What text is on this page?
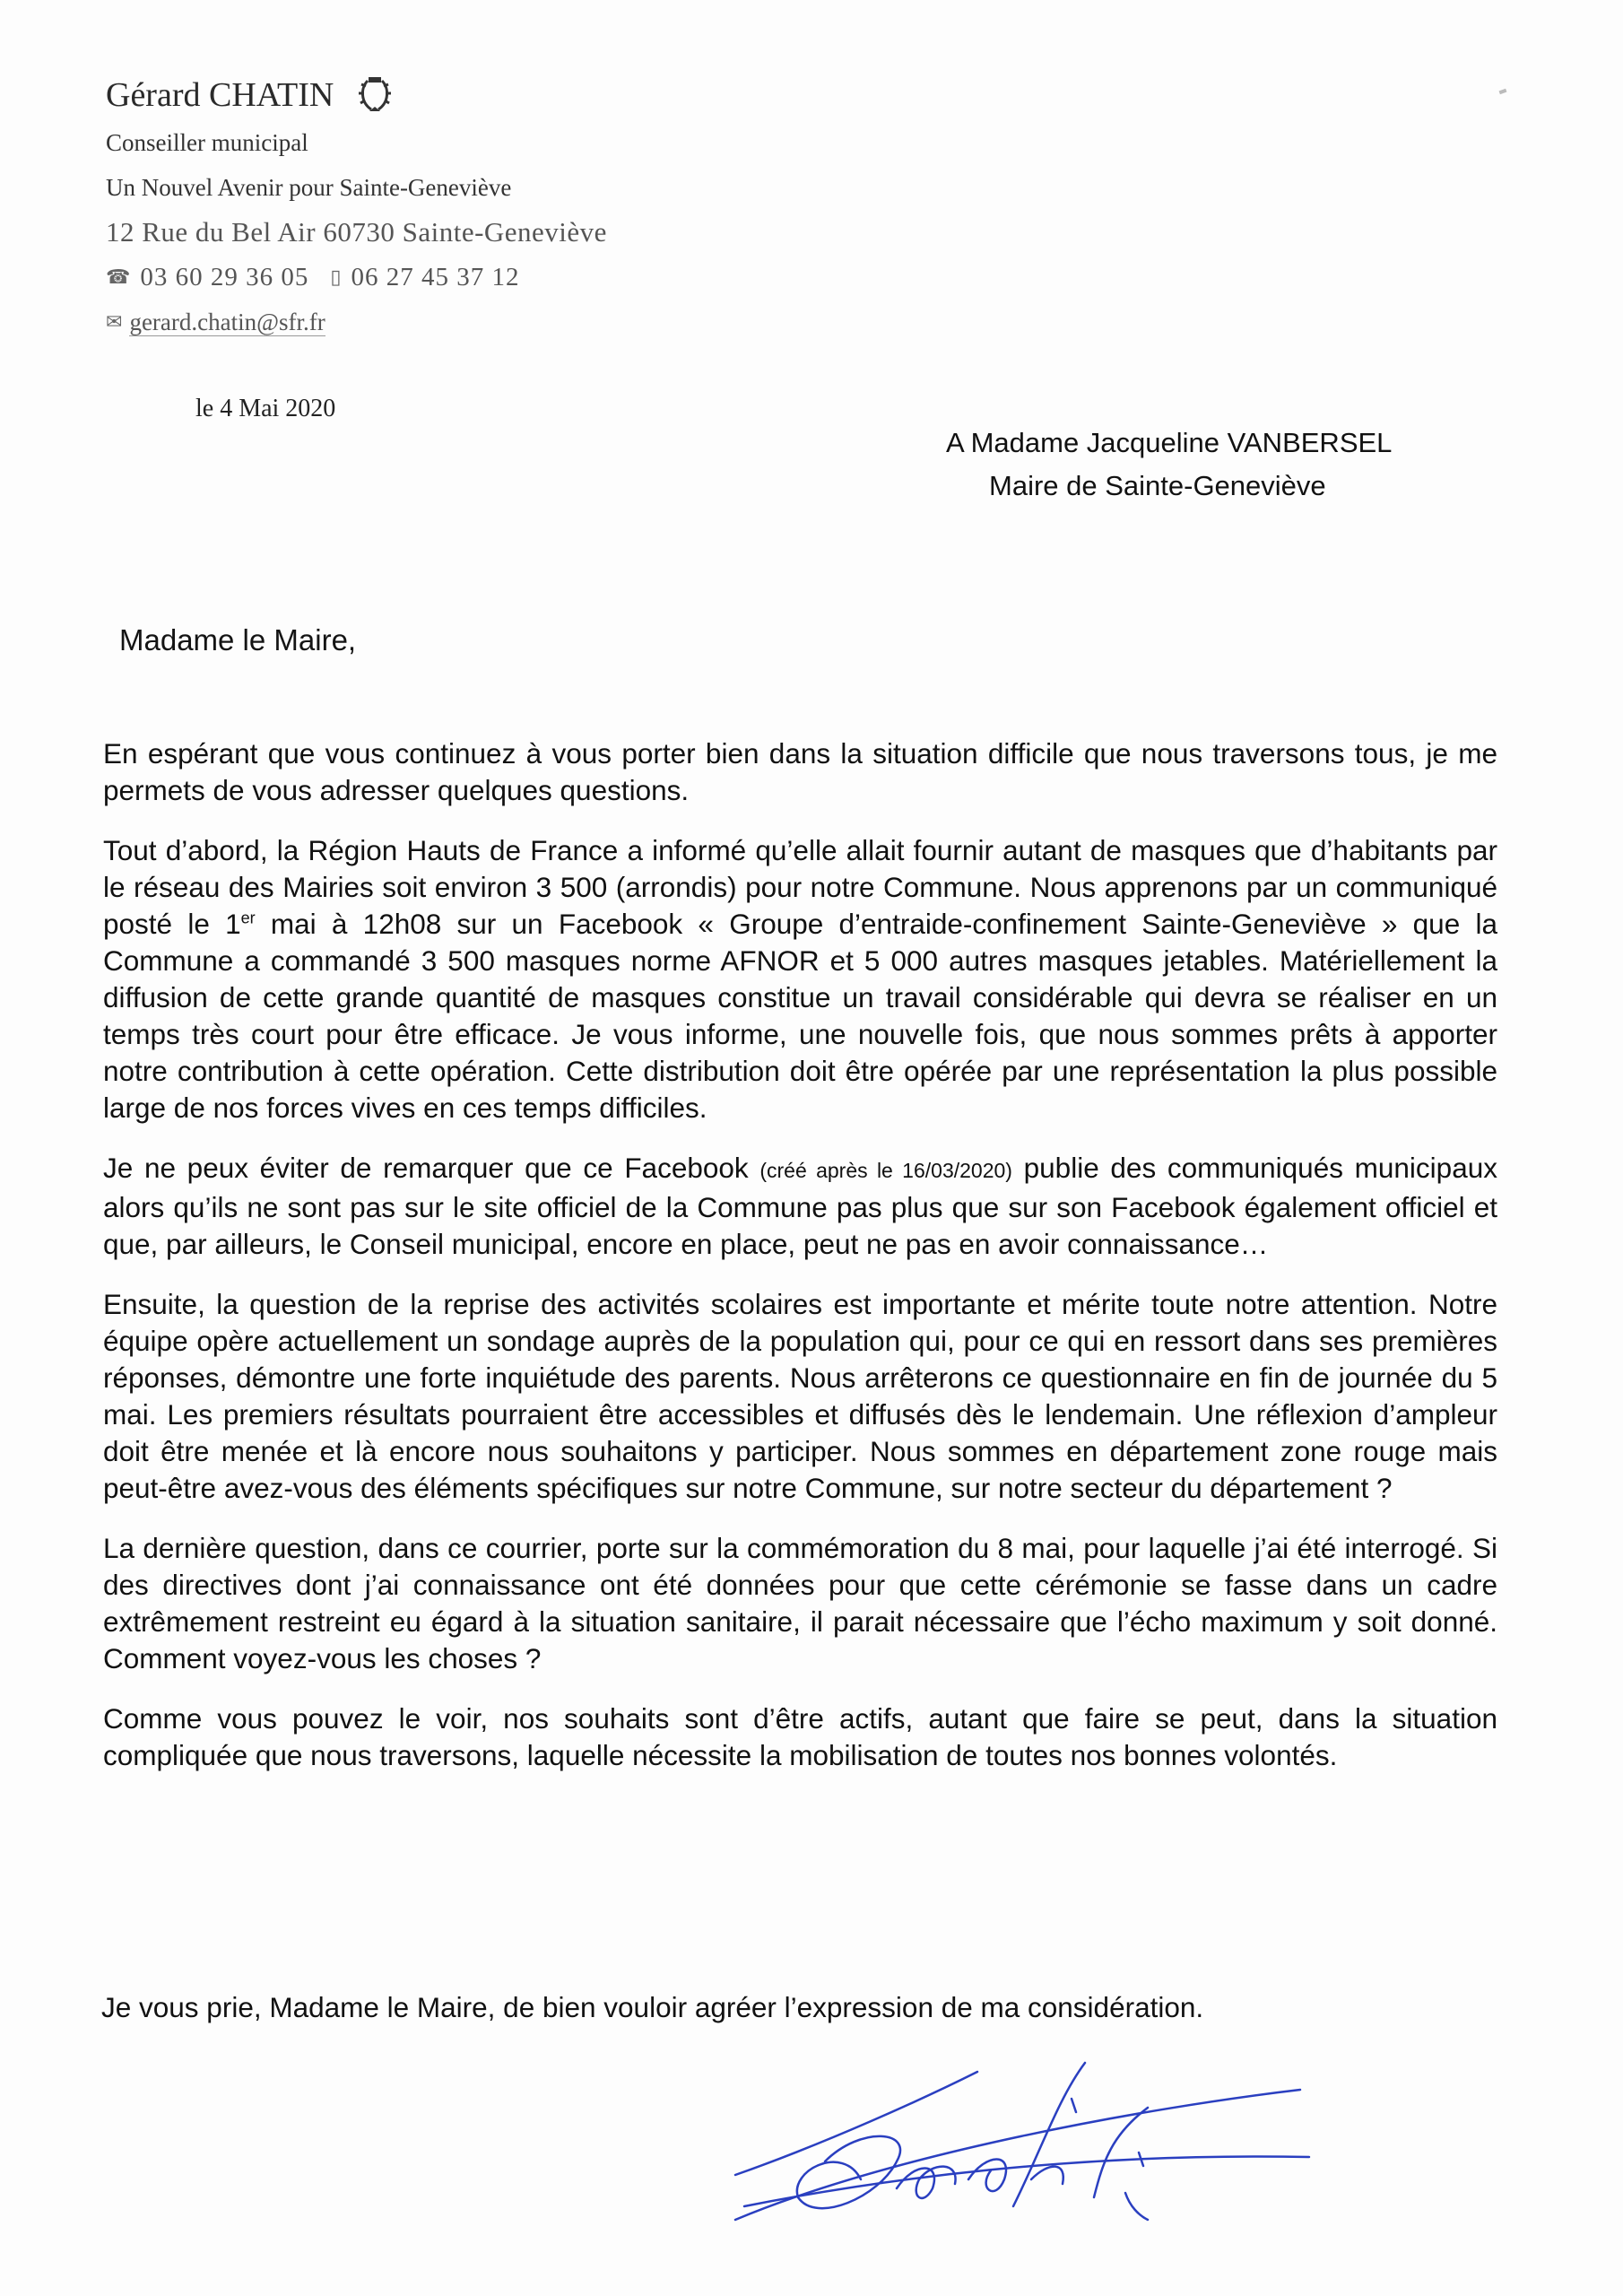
Gérard CHATIN
Conseiller municipal
Un Nouvel Avenir pour Sainte-Geneviève
12 Rue du Bel Air 60730 Sainte-Geneviève
☎ 03 60 29 36 05 ▯ 06 27 45 37 12
✉ gerard.chatin@sfr.fr
le 4 Mai 2020
A Madame Jacqueline VANBERSEL
Maire de Sainte-Geneviève
Madame le Maire,

En espérant que vous continuez à vous porter bien dans la situation difficile que nous traversons tous, je me permets de vous adresser quelques questions.

Tout d’abord, la Région Hauts de France a informé qu’elle allait fournir autant de masques que d’habitants par le réseau des Mairies soit environ 3 500 (arrondis) pour notre Commune. Nous apprenons par un communiqué posté le 1er mai à 12h08 sur un Facebook « Groupe d’entraide-confinement Sainte-Geneviève » que la Commune a commandé 3 500 masques norme AFNOR et 5 000 autres masques jetables. Matériellement la diffusion de cette grande quantité de masques constitue un travail considérable qui devra se réaliser en un temps très court pour être efficace. Je vous informe, une nouvelle fois, que nous sommes prêts à apporter notre contribution à cette opération. Cette distribution doit être opérée par une représentation la plus possible large de nos forces vives en ces temps difficiles.

Je ne peux éviter de remarquer que ce Facebook (créé après le 16/03/2020) publie des communiqués municipaux alors qu’ils ne sont pas sur le site officiel de la Commune pas plus que sur son Facebook également officiel et que, par ailleurs, le Conseil municipal, encore en place, peut ne pas en avoir connaissance…

Ensuite, la question de la reprise des activités scolaires est importante et mérite toute notre attention. Notre équipe opère actuellement un sondage auprès de la population qui, pour ce qui en ressort dans ses premières réponses, démontre une forte inquiétude des parents. Nous arrêterons ce questionnaire en fin de journée du 5 mai. Les premiers résultats pourraient être accessibles et diffusés dès le lendemain. Une réflexion d’ampleur doit être menée et là encore nous souhaitons y participer. Nous sommes en département zone rouge mais peut-être avez-vous des éléments spécifiques sur notre Commune, sur notre secteur du département ?

La dernière question, dans ce courrier, porte sur la commémoration du 8 mai, pour laquelle j’ai été interrogé. Si des directives dont j’ai connaissance ont été données pour que cette cérémonie se fasse dans un cadre extrêmement restreint eu égard à la situation sanitaire, il parait nécessaire que l’écho maximum y soit donné. Comment voyez-vous les choses ?

Comme vous pouvez le voir, nos souhaits sont d’être actifs, autant que faire se peut, dans la situation compliquée que nous traversons, laquelle nécessite la mobilisation de toutes nos bonnes volontés.

Je vous prie, Madame le Maire, de bien vouloir agréer l’expression de ma considération.
